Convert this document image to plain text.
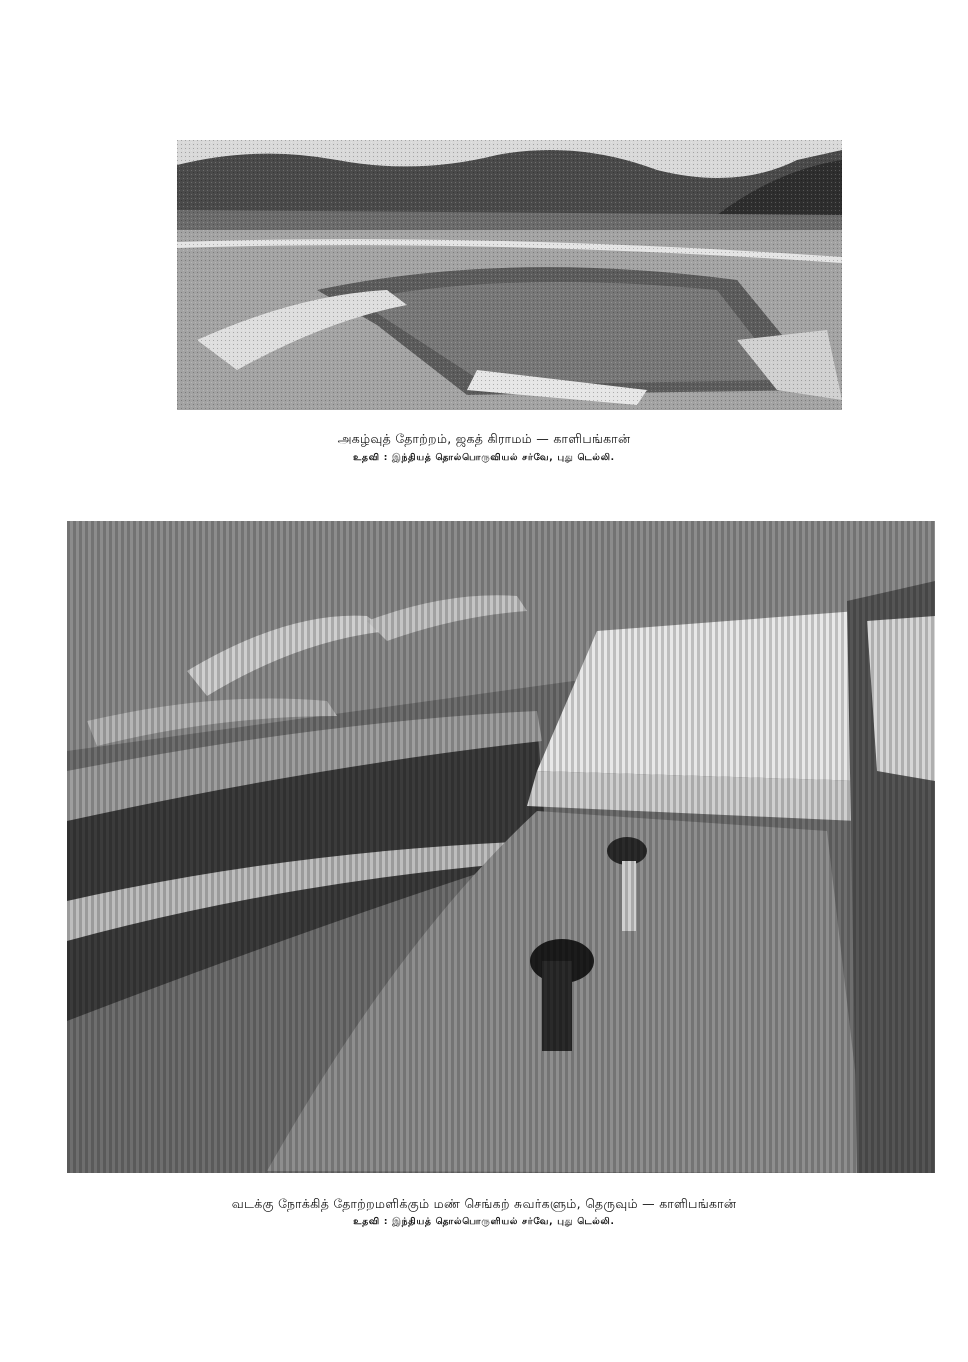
அகழ்வுத் தோற்றம், ஜகத் கிராமம் — காளிபங்கான்
உதவி : இந்தியத் தொல்பொருவியல் சர்வே, புது டெல்லி.
வடக்கு நோக்கித் தோற்றமளிக்கும் மண் செங்கற் சுவர்களும், தெருவும் — காளிபங்கான்
உதவி : இந்தியத் தொல்பொருளியல் சர்வே, புது டெல்லி.
